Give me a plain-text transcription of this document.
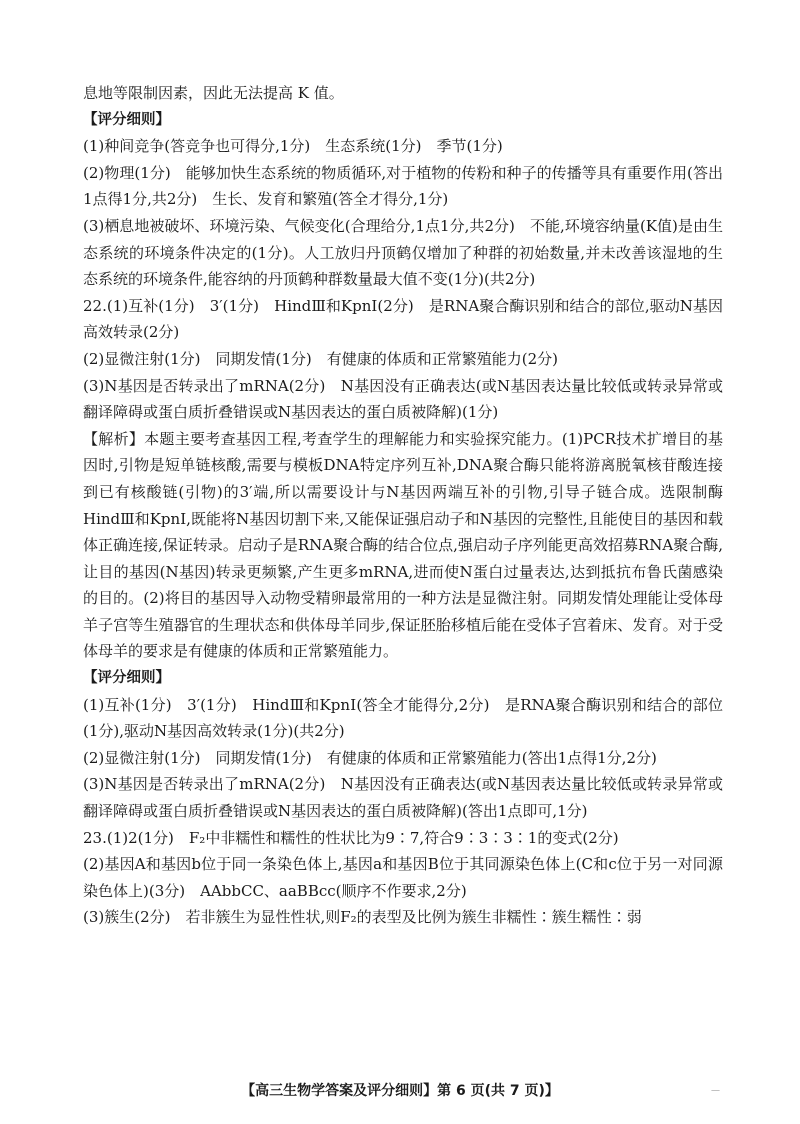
息地等限制因素，因此无法提高 K 值。

【评分细则】

(1)种间竞争(答竞争也可得分,1分)　生态系统(1分)　季节(1分)

(2)物理(1分)　能够加快生态系统的物质循环,对于植物的传粉和种子的传播等具有重要作用(答出1点得1分,共2分)　生长、发育和繁殖(答全才得分,1分)

(3)栖息地被破坏、环境污染、气候变化(合理给分,1点1分,共2分)　不能,环境容纳量(K值)是由生态系统的环境条件决定的(1分)。人工放归丹顶鹤仅增加了种群的初始数量,并未改善该湿地的生态系统的环境条件,能容纳的丹顶鹤种群数量最大值不变(1分)(共2分)

22.(1)互补(1分)　3′(1分)　HindⅢ和KpnⅠ(2分)　是RNA聚合酶识别和结合的部位,驱动N基因高效转录(2分)

(2)显微注射(1分)　同期发情(1分)　有健康的体质和正常繁殖能力(2分)

(3)N基因是否转录出了mRNA(2分)　N基因没有正确表达(或N基因表达量比较低或转录异常或翻译障碍或蛋白质折叠错误或N基因表达的蛋白质被降解)(1分)

【解析】本题主要考查基因工程,考查学生的理解能力和实验探究能力。(1)PCR技术扩增目的基因时,引物是短单链核酸,需要与模板DNA特定序列互补,DNA聚合酶只能将游离脱氧核苷酸连接到已有核酸链(引物)的3′端,所以需要设计与N基因两端互补的引物,引导子链合成。选限制酶HindⅢ和KpnⅠ,既能将N基因切割下来,又能保证强启动子和N基因的完整性,且能使目的基因和载体正确连接,保证转录。启动子是RNA聚合酶的结合位点,强启动子序列能更高效招募RNA聚合酶,让目的基因(N基因)转录更频繁,产生更多mRNA,进而使N蛋白过量表达,达到抵抗布鲁氏菌感染的目的。(2)将目的基因导入动物受精卵最常用的一种方法是显微注射。同期发情处理能让受体母羊子宫等生殖器官的生理状态和供体母羊同步,保证胚胎移植后能在受体子宫着床、发育。对于受体母羊的要求是有健康的体质和正常繁殖能力。

【评分细则】

(1)互补(1分)　3′(1分)　HindⅢ和KpnⅠ(答全才能得分,2分)　是RNA聚合酶识别和结合的部位(1分),驱动N基因高效转录(1分)(共2分)

(2)显微注射(1分)　同期发情(1分)　有健康的体质和正常繁殖能力(答出1点得1分,2分)

(3)N基因是否转录出了mRNA(2分)　N基因没有正确表达(或N基因表达量比较低或转录异常或翻译障碍或蛋白质折叠错误或N基因表达的蛋白质被降解)(答出1点即可,1分)

23.(1)2(1分)　F₂中非糯性和糯性的性状比为9∶7,符合9∶3∶3∶1的变式(2分)

(2)基因A和基因b位于同一条染色体上,基因a和基因B位于其同源染色体上(C和c位于另一对同源染色体上)(3分)　AAbbCC、aaBBcc(顺序不作要求,2分)

(3)簇生(2分)　若非簇生为显性性状,则F₂的表型及比例为簇生非糯性∶簇生糯性∶弱

【高三生物学答案及评分细则】第 6 页(共 7 页)】	—
